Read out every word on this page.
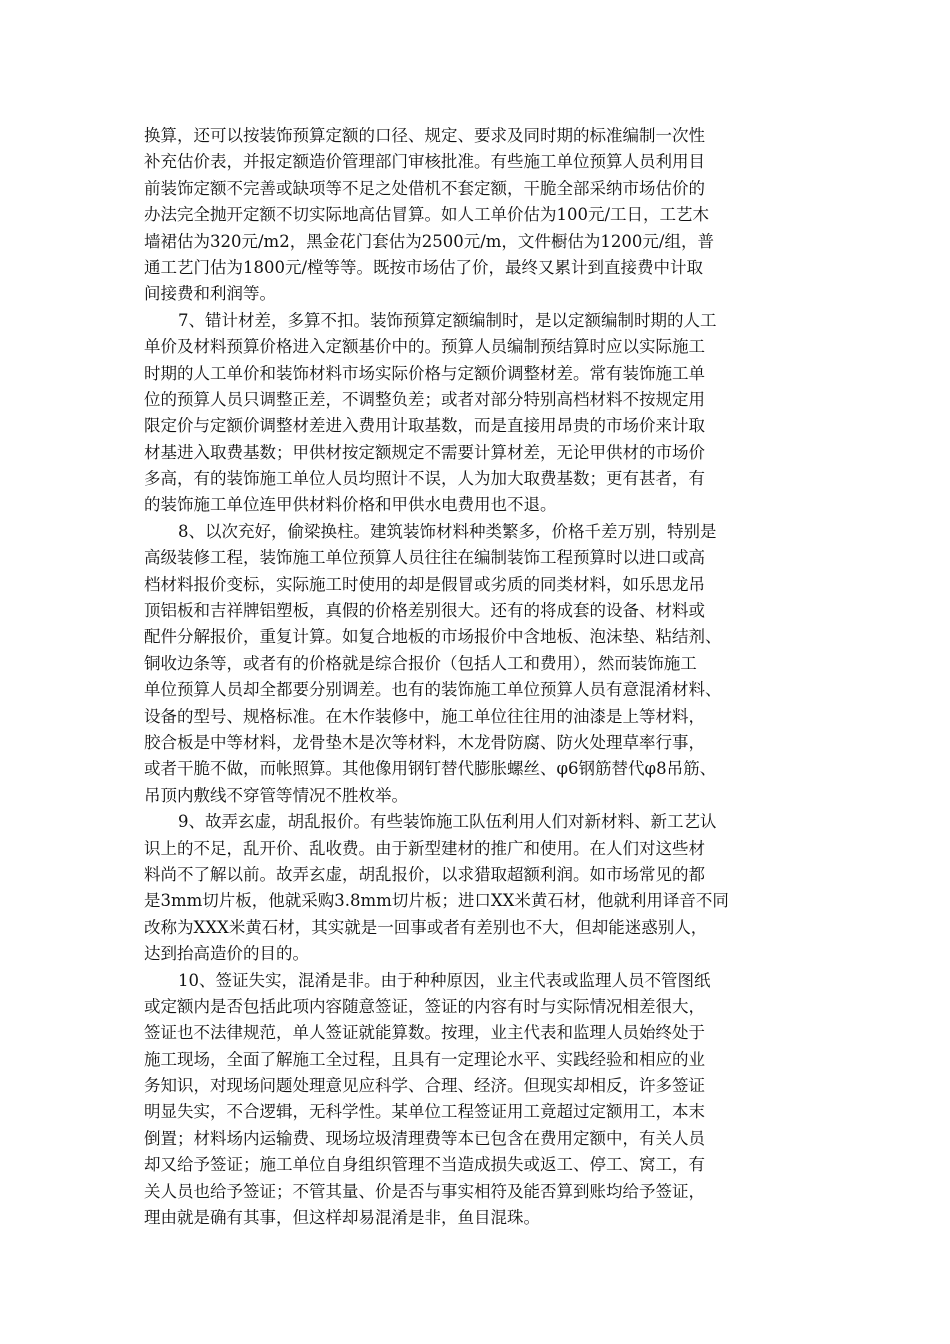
换算，还可以按装饰预算定额的口径、规定、要求及同时期的标准编制一次性
补充估价表，并报定额造价管理部门审核批准。有些施工单位预算人员利用目
前装饰定额不完善或缺项等不足之处借机不套定额，干脆全部采纳市场估价的
办法完全抛开定额不切实际地高估冒算。如人工单价估为100元/工日，工艺木
墙裙估为320元/m2，黑金花门套估为2500元/m，文件橱估为1200元/组，普
通工艺门估为1800元/樘等等。既按市场估了价，最终又累计到直接费中计取
间接费和利润等。
7、错计材差，多算不扣。装饰预算定额编制时，是以定额编制时期的人工
单价及材料预算价格进入定额基价中的。预算人员编制预结算时应以实际施工
时期的人工单价和装饰材料市场实际价格与定额价调整材差。常有装饰施工单
位的预算人员只调整正差，不调整负差；或者对部分特别高档材料不按规定用
限定价与定额价调整材差进入费用计取基数，而是直接用昂贵的市场价来计取
材基进入取费基数；甲供材按定额规定不需要计算材差，无论甲供材的市场价
多高，有的装饰施工单位人员均照计不误，人为加大取费基数；更有甚者，有
的装饰施工单位连甲供材料价格和甲供水电费用也不退。
8、以次充好，偷梁换柱。建筑装饰材料种类繁多，价格千差万别，特别是
高级装修工程，装饰施工单位预算人员往往在编制装饰工程预算时以进口或高
档材料报价变标，实际施工时使用的却是假冒或劣质的同类材料，如乐思龙吊
顶铝板和吉祥牌铝塑板，真假的价格差别很大。还有的将成套的设备、材料或
配件分解报价，重复计算。如复合地板的市场报价中含地板、泡沫垫、粘结剂、
铜收边条等，或者有的价格就是综合报价（包括人工和费用），然而装饰施工
单位预算人员却全都要分别调差。也有的装饰施工单位预算人员有意混淆材料、
设备的型号、规格标准。在木作装修中，施工单位往往用的油漆是上等材料，
胶合板是中等材料，龙骨垫木是次等材料，木龙骨防腐、防火处理草率行事，
或者干脆不做，而帐照算。其他像用钢钉替代膨胀螺丝、φ6钢筋替代φ8吊筋、
吊顶内敷线不穿管等情况不胜枚举。
9、故弄玄虚，胡乱报价。有些装饰施工队伍利用人们对新材料、新工艺认
识上的不足，乱开价、乱收费。由于新型建材的推广和使用。在人们对这些材
料尚不了解以前。故弄玄虚，胡乱报价，以求猎取超额利润。如市场常见的都
是3mm切片板，他就采购3.8mm切片板；进口XX米黄石材，他就利用译音不同
改称为XXX米黄石材，其实就是一回事或者有差别也不大，但却能迷惑别人，
达到抬高造价的目的。
10、签证失实，混淆是非。由于种种原因，业主代表或监理人员不管图纸
或定额内是否包括此项内容随意签证，签证的内容有时与实际情况相差很大，
签证也不法律规范，单人签证就能算数。按理，业主代表和监理人员始终处于
施工现场，全面了解施工全过程，且具有一定理论水平、实践经验和相应的业
务知识，对现场问题处理意见应科学、合理、经济。但现实却相反，许多签证
明显失实，不合逻辑，无科学性。某单位工程签证用工竟超过定额用工，本末
倒置；材料场内运输费、现场垃圾清理费等本已包含在费用定额中，有关人员
却又给予签证；施工单位自身组织管理不当造成损失或返工、停工、窝工，有
关人员也给予签证；不管其量、价是否与事实相符及能否算到账均给予签证，
理由就是确有其事，但这样却易混淆是非，鱼目混珠。
